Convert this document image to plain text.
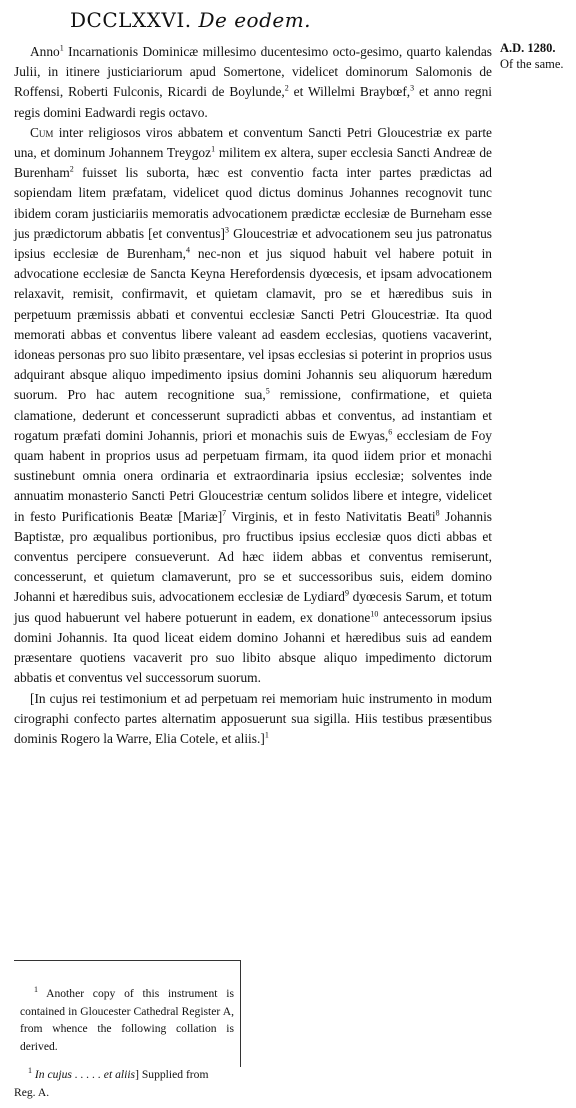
DCCLXXVI. De eodem.
A.D. 1280.
Of the same.

Anno$^1$ Incarnationis Dominicæ millesimo ducentesimo octo-gesimo, quarto kalendas Julii, in itinere justiciariorum apud Somertone, videlicet dominorum Salomonis de Roffensi, Roberti Fulconis, Ricardi de Boylunde,$^2$ et Willelmi Braybœf,$^3$ et anno regni regis domini Eadwardi regis octavo.

Cum inter religiosos viros abbatem et conventum Sancti Petri Gloucestriæ ex parte una, et dominum Johannem Treygoz$^1$ militem ex altera, super ecclesia Sancti Andreæ de Burenham$^2$ fuisset lis suborta, hæc est conventio facta inter partes prædictas ad sopiendam litem præfatam, videlicet quod dictus dominus Johannes recognovit tunc ibidem coram justiciariis memoratis advocationem prædictæ ecclesiæ de Burneham esse jus prædictorum abbatis [et conventus]$^3$ Gloucestriæ et advocationem seu jus patronatus ipsius ecclesiæ de Burenham,$^4$ nec-non et jus siquod habuit vel habere potuit in advocatione ecclesiæ de Sancta Keyna Herefordensis dyœcesis, et ipsam advocationem relaxavit, remisit, confirmavit, et quietam clamavit, pro se et hæredibus suis in perpetuum præmissis abbati et conventui ecclesiæ Sancti Petri Gloucestriæ. Ita quod memorati abbas et conventus libere valeant ad easdem ecclesias, quotiens vacaverint, idoneas personas pro suo libito præsentare, vel ipsas ecclesias si poterint in proprios usus adquirant absque aliquo impedimento ipsius domini Johannis seu aliquorum hæredum suorum. Pro hac autem recognitione sua,$^5$ remissione, confirmatione, et quieta clamatione, dederunt et concesserunt supradicti abbas et conventus, ad instantiam et rogatum præfati domini Johannis, priori et monachis suis de Ewyas,$^6$ ecclesiam de Foy quam habent in proprios usus ad perpetuam firmam, ita quod iidem prior et monachi sustinebunt omnia onera ordinaria et extraordinaria ipsius ecclesiæ; solventes inde annuatim monasterio Sancti Petri Gloucestriæ centum solidos libere et integre, videlicet in festo Purificationis Beatæ [Mariæ]$^7$ Virginis, et in festo Nativitatis Beati$^8$ Johannis Baptistæ, pro æqualibus portionibus, pro fructibus ipsius ecclesiæ quos dicti abbas et conventus percipere consueverunt. Ad hæc iidem abbas et conventus remiserunt, concesserunt, et quietum clamaverunt, pro se et successoribus suis, eidem domino Johanni et hæredibus suis, advocationem ecclesiæ de Lydiard$^9$ dyœcesis Sarum, et totum jus quod habuerunt vel habere potuerunt in eadem, ex donatione$^{10}$ antecessorum ipsius domini Johannis. Ita quod liceat eidem domino Johanni et hæredibus suis ad eandem præsentare quotiens vacaverit pro suo libito absque aliquo impedimento dictorum abbatis et conventus vel successorum suorum.

[In cujus rei testimonium et ad perpetuam rei memoriam huic instrumento in modum cirographi confecto partes alternatim apposuerunt sua sigilla. Hiis testibus præsentibus dominis Rogero la Warre, Elia Cotele, et aliis.]$^1$

$^1$ Another copy of this instrument is contained in Gloucester Cathedral Register A, from whence the following collation is derived.

$^1$ In cujus . . . . . et aliis] Supplied from Reg. A.
